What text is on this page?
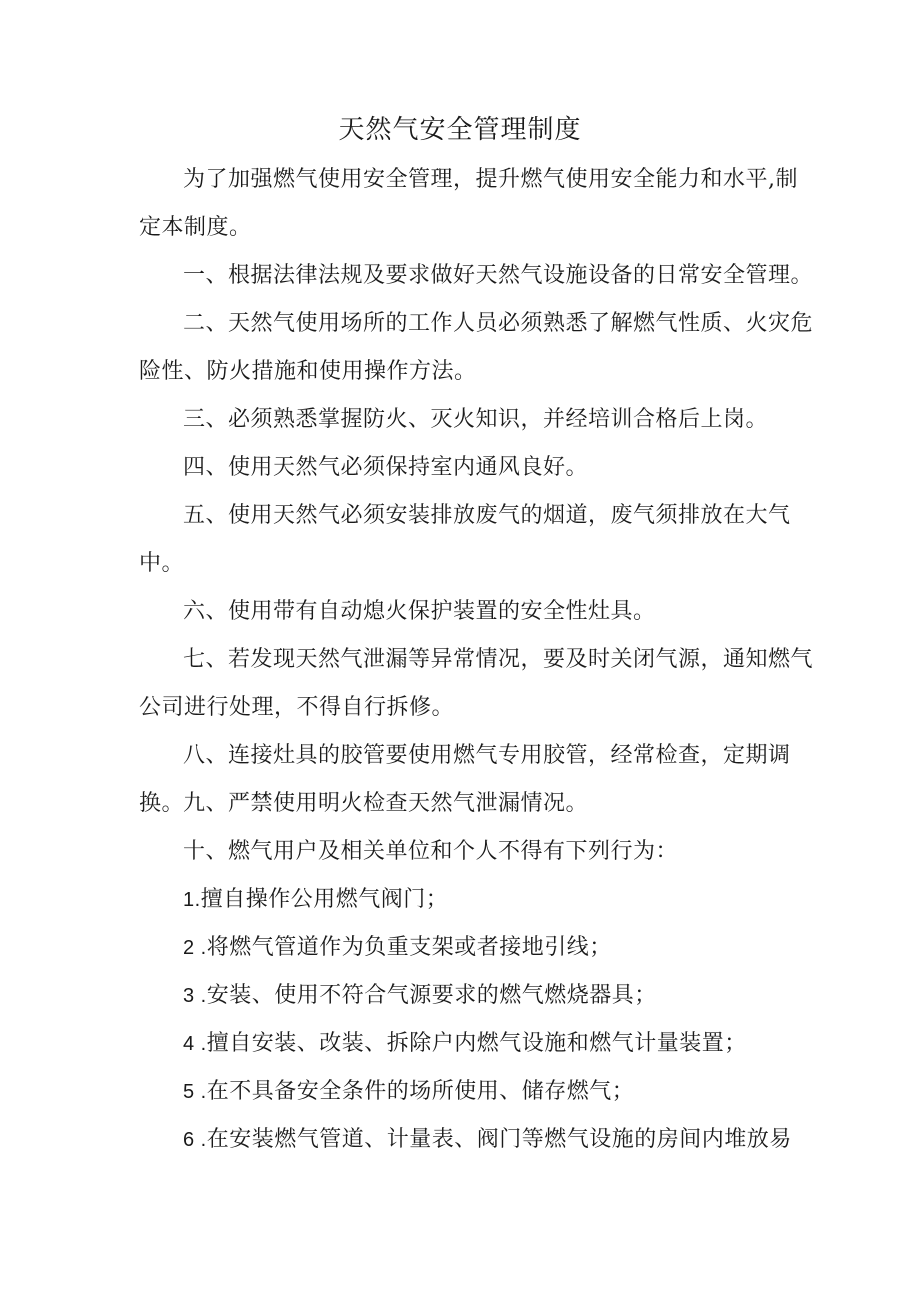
天然气安全管理制度

为了加强燃气使用安全管理，提升燃气使用安全能力和水平,制定本制度。

一、根据法律法规及要求做好天然气设施设备的日常安全管理。

二、天然气使用场所的工作人员必须熟悉了解燃气性质、火灾危险性、防火措施和使用操作方法。

三、必须熟悉掌握防火、灭火知识，并经培训合格后上岗。

四、使用天然气必须保持室内通风良好。

五、使用天然气必须安装排放废气的烟道，废气须排放在大气中。

六、使用带有自动熄火保护装置的安全性灶具。

七、若发现天然气泄漏等异常情况，要及时关闭气源，通知燃气公司进行处理，不得自行拆修。

八、连接灶具的胶管要使用燃气专用胶管，经常检查，定期调换。

九、严禁使用明火检查天然气泄漏情况。

十、燃气用户及相关单位和个人不得有下列行为：

1.擅自操作公用燃气阀门；

2 .将燃气管道作为负重支架或者接地引线；

3 .安装、使用不符合气源要求的燃气燃烧器具；

4 .擅自安装、改装、拆除户内燃气设施和燃气计量装置；

5 .在不具备安全条件的场所使用、储存燃气；

6 .在安装燃气管道、计量表、阀门等燃气设施的房间内堆放易
